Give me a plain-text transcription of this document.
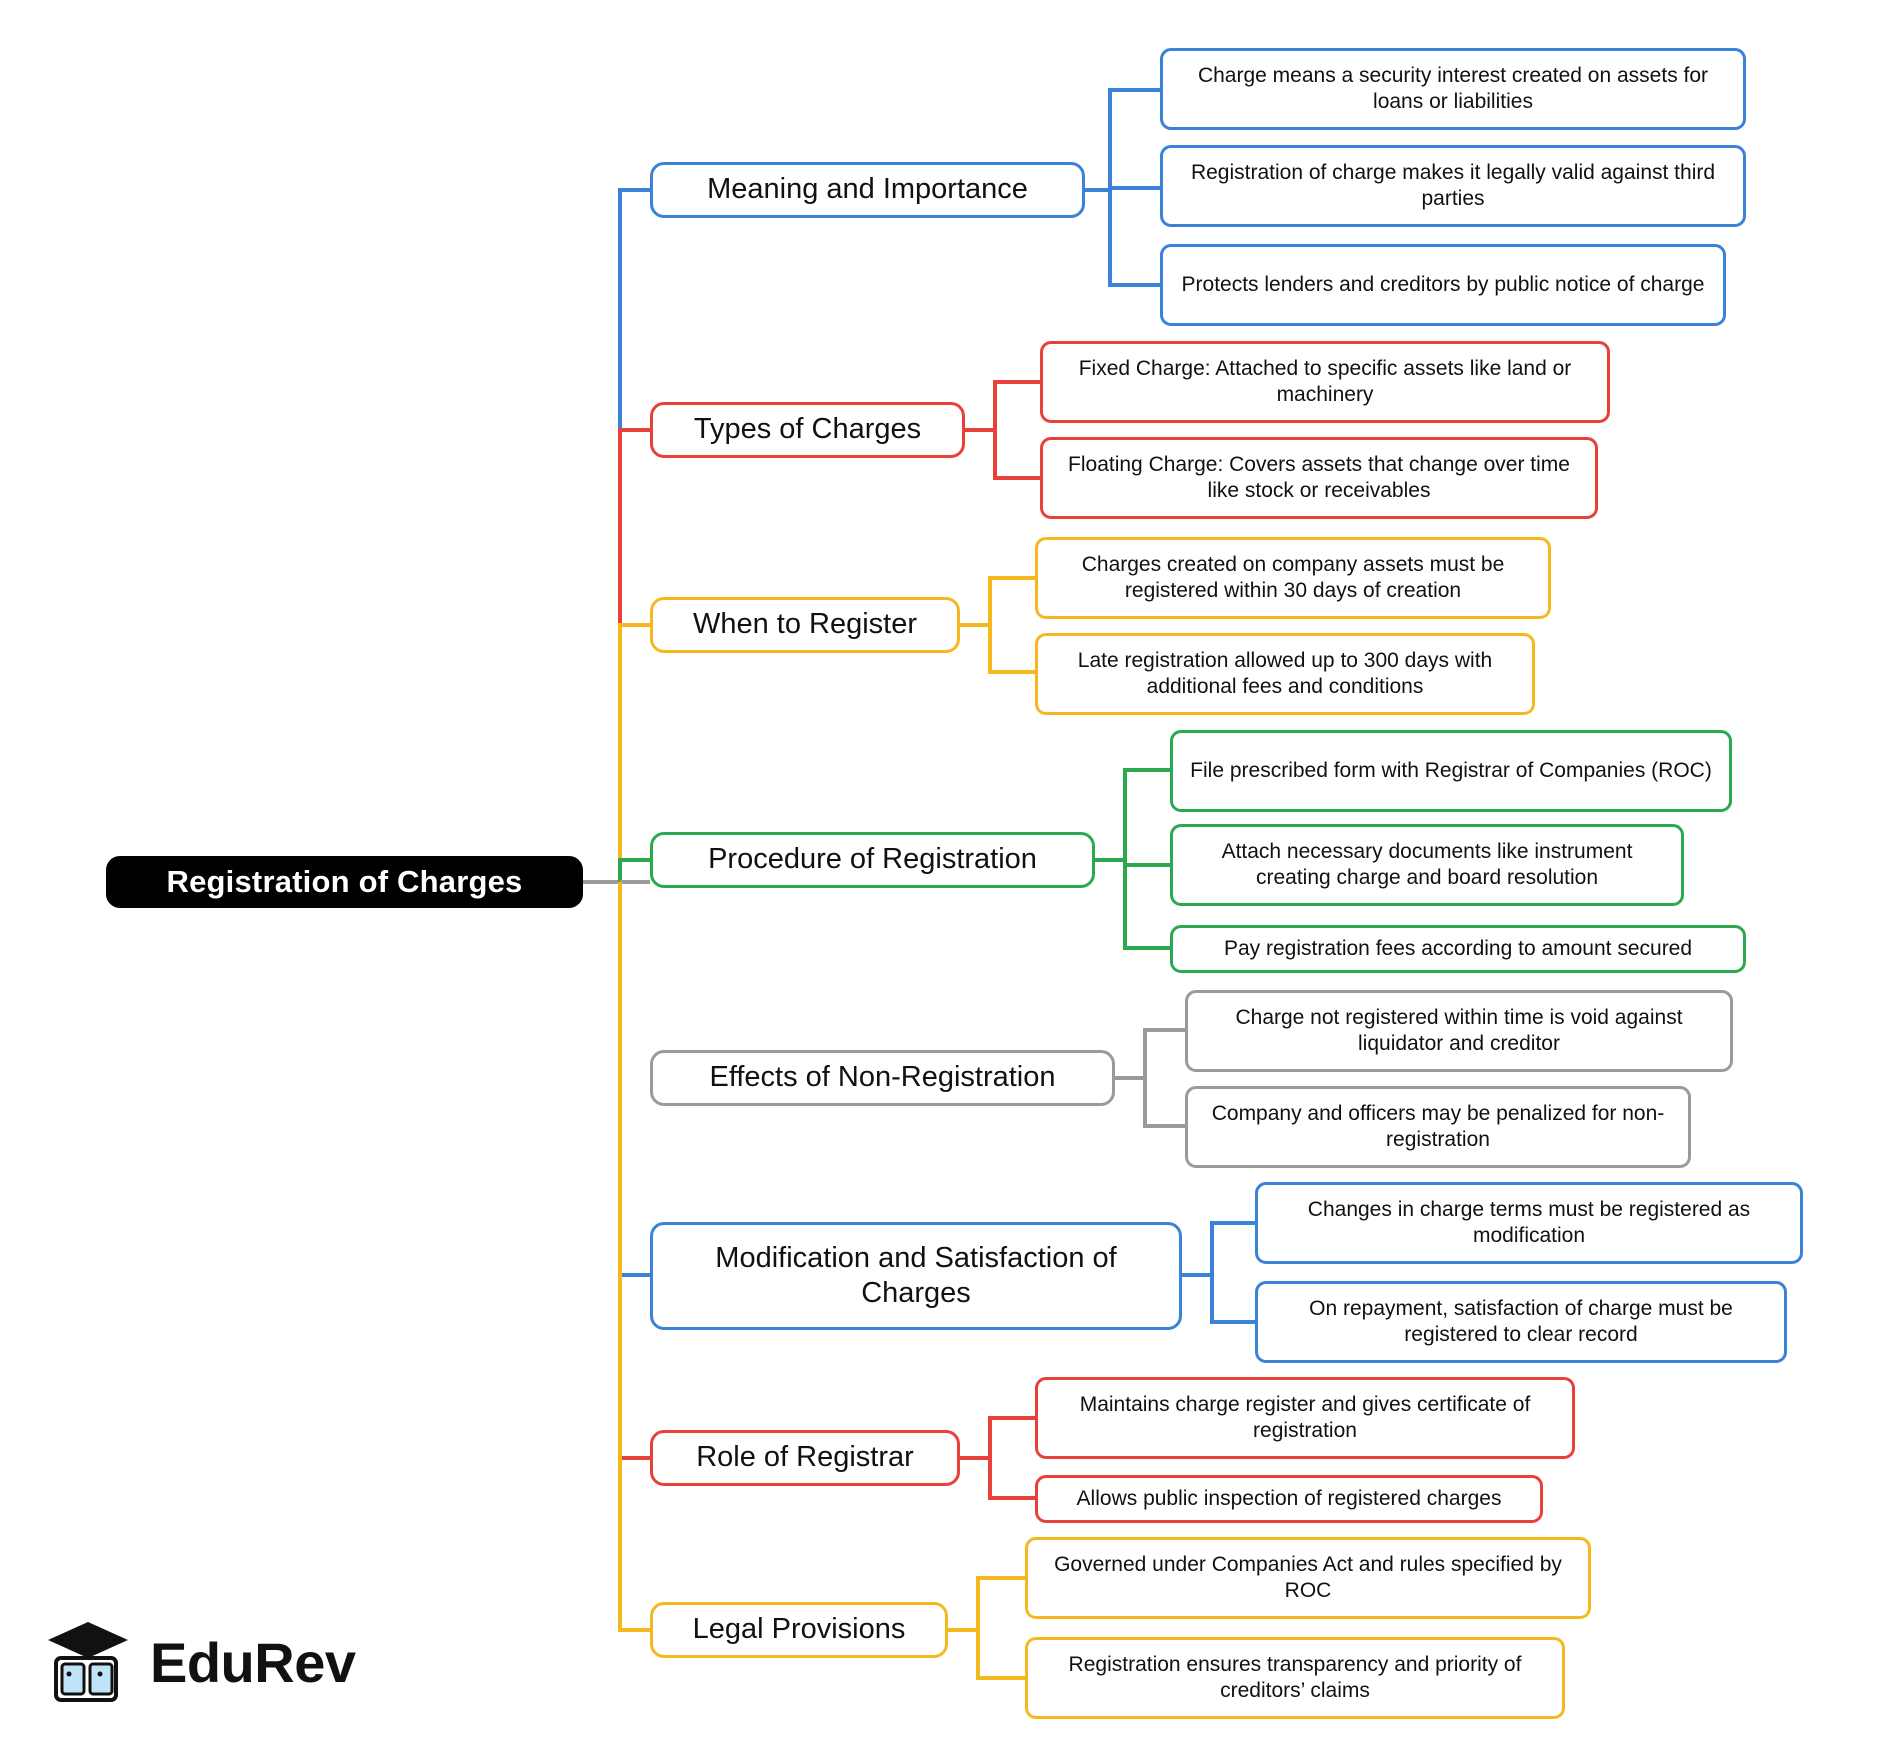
Registration of Charges
Meaning and Importance
Charge means a security interest created on assets for loans or liabilities
Registration of charge makes it legally valid against third parties
Protects lenders and creditors by public notice of charge
Types of Charges
Fixed Charge: Attached to specific assets like land or machinery
Floating Charge: Covers assets that change over time like stock or receivables
When to Register
Charges created on company assets must be registered within 30 days of creation
Late registration allowed up to 300 days with additional fees and conditions
Procedure of Registration
File prescribed form with Registrar of Companies (ROC)
Attach necessary documents like instrument creating charge and board resolution
Pay registration fees according to amount secured
Effects of Non-Registration
Charge not registered within time is void against liquidator and creditor
Company and officers may be penalized for non-registration
Modification and Satisfaction of Charges
Changes in charge terms must be registered as modification
On repayment, satisfaction of charge must be registered to clear record
Role of Registrar
Maintains charge register and gives certificate of registration
Allows public inspection of registered charges
Legal Provisions
Governed under Companies Act and rules specified by ROC
Registration ensures transparency and priority of creditors’ claims
EduRev
